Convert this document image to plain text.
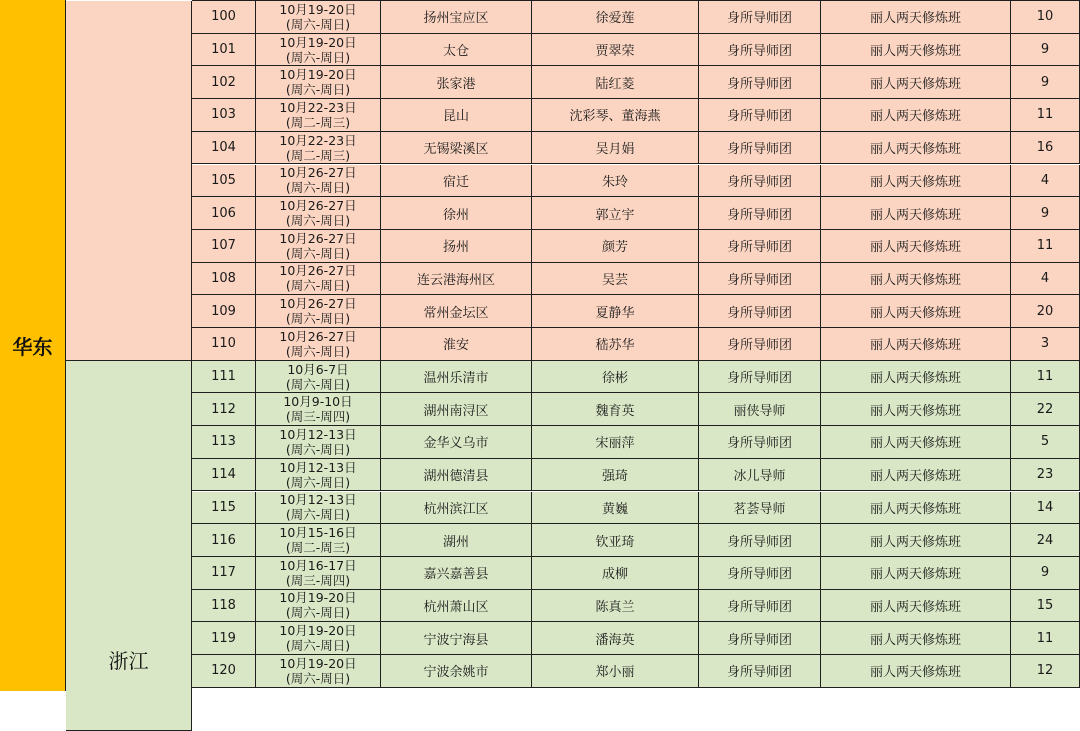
华东
100	10月19-20日
(周六-周日)	扬州宝应区	徐爱莲	身所导师团	丽人两天修炼班	10
101	10月19-20日
(周六-周日)	太仓	贾翠荣	身所导师团	丽人两天修炼班	9
102	10月19-20日
(周六-周日)	张家港	陆红菱	身所导师团	丽人两天修炼班	9
103	10月22-23日
(周二-周三)	昆山	沈彩琴、董海燕	身所导师团	丽人两天修炼班	11
104	10月22-23日
(周二-周三)	无锡梁溪区	吴月娟	身所导师团	丽人两天修炼班	16
105	10月26-27日
(周六-周日)	宿迁	朱玲	身所导师团	丽人两天修炼班	4
106	10月26-27日
(周六-周日)	徐州	郭立宇	身所导师团	丽人两天修炼班	9
107	10月26-27日
(周六-周日)	扬州	颜芳	身所导师团	丽人两天修炼班	11
108	10月26-27日
(周六-周日)	连云港海州区	吴芸	身所导师团	丽人两天修炼班	4
109	10月26-27日
(周六-周日)	常州金坛区	夏静华	身所导师团	丽人两天修炼班	20
110	10月26-27日
(周六-周日)	淮安	嵇苏华	身所导师团	丽人两天修炼班	3
浙江
111	10月6-7日
(周六-周日)	温州乐清市	徐彬	身所导师团	丽人两天修炼班	11
112	10月9-10日
(周三-周四)	湖州南浔区	魏育英	丽侠导师	丽人两天修炼班	22
113	10月12-13日
(周六-周日)	金华义乌市	宋丽萍	身所导师团	丽人两天修炼班	5
114	10月12-13日
(周六-周日)	湖州德清县	强琦	冰儿导师	丽人两天修炼班	23
115	10月12-13日
(周六-周日)	杭州滨江区	黄巍	茗荟导师	丽人两天修炼班	14
116	10月15-16日
(周二-周三)	湖州	钦亚琦	身所导师团	丽人两天修炼班	24
117	10月16-17日
(周三-周四)	嘉兴嘉善县	成柳	身所导师团	丽人两天修炼班	9
118	10月19-20日
(周六-周日)	杭州萧山区	陈真兰	身所导师团	丽人两天修炼班	15
119	10月19-20日
(周六-周日)	宁波宁海县	潘海英	身所导师团	丽人两天修炼班	11
120	10月19-20日
(周六-周日)	宁波余姚市	郑小丽	身所导师团	丽人两天修炼班	12
